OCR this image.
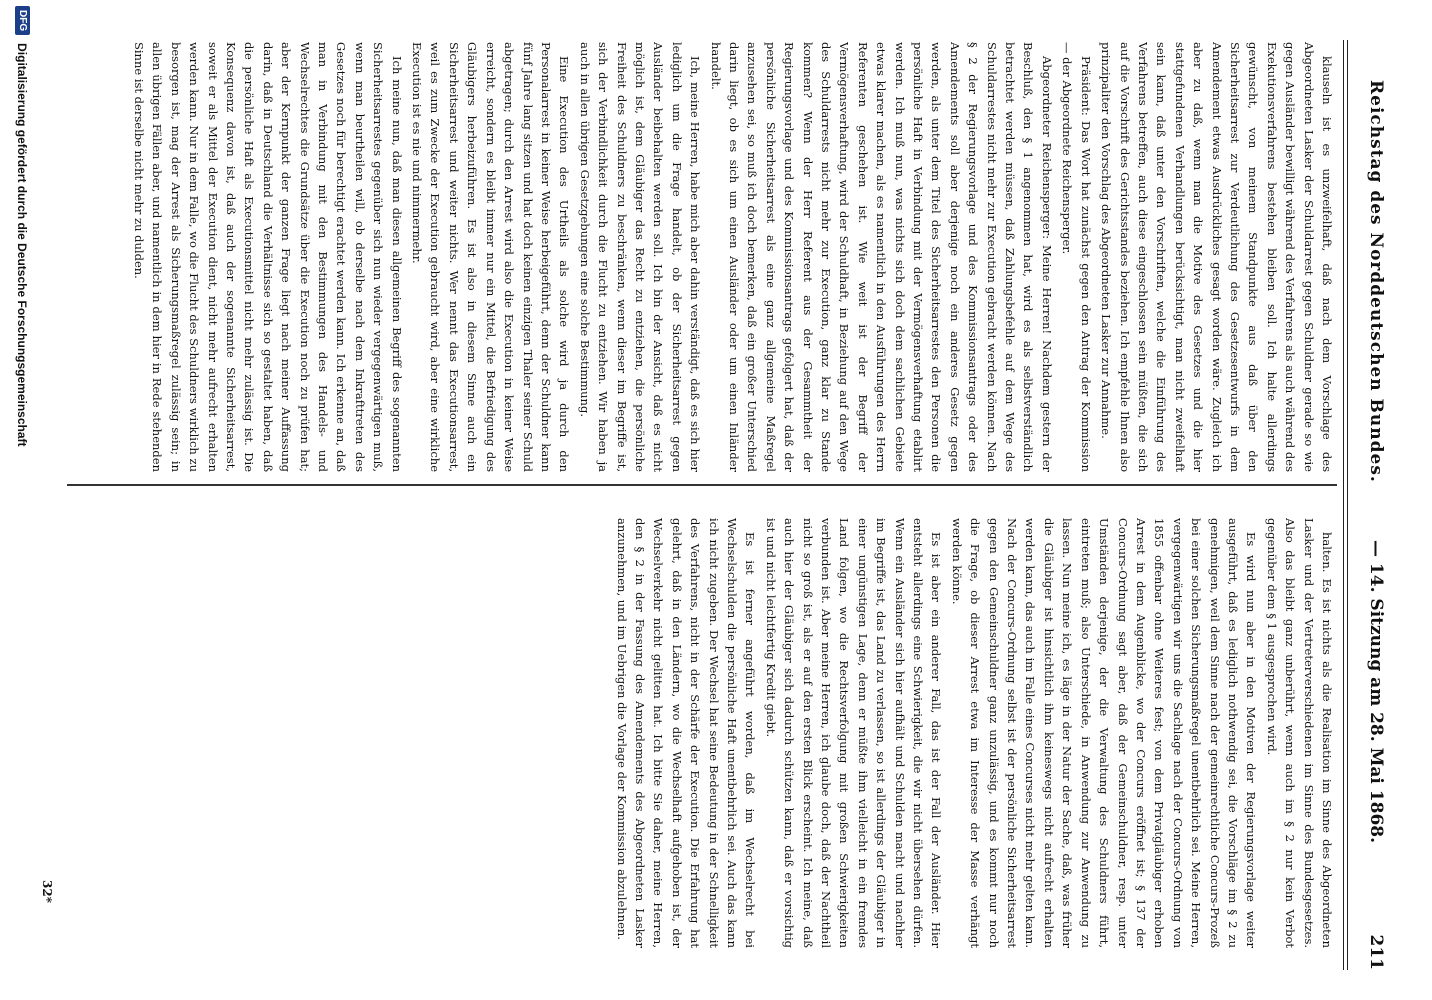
Reichstag des Norddeutschen Bundes.
— 14. Sitzung am 28. Mai 1868.
211

klauseln ist es unzweifelhaft, daß nach dem Vorschlage des Abgeordneten Lasker der Schuldarrest gegen Schuldner gerade so wie gegen Ausländer bewilligt während des Verfahrens als auch während des Exekutionsverfahrens bestehen bleiben soll. Ich halte allerdings gewünscht, von meinem Standpunkte aus daß über den Sicherheitsarrest zur Verdeutlichung des Gesetzesentwurfs in dem Amendement etwas Ausdrückliches gesagt worden wäre. Zugleich ich aber zu daß, wenn man die Motive des Gesetzes und die hier stattgefundenen Verhandlungen berücksichtigt, man nicht zweifelhaft sein kann, daß unter den Vorschriften, welche die Einführung des Verfahrens betreffen, auch diese eingeschlossen sein müßten, die sich auf die Vorschrift des Gerichtsstandes beziehen. Ich empfehle Ihnen also prinzipaliter den Vorschlag des Abgeordneten Lasker zur Annahme.

Präsident: Das Wort hat zunächst gegen den Antrag der Kommission — der Abgeordnete Reichensperger.

Abgeordneter Reichensperger: Meine Herren! Nachdem gestern der Beschluß, den § 1 angenommen hat, wird es als selbstverständlich betrachtet werden müssen, daß Zahlungsbefehle auf dem Wege des Schuldarrestes nicht mehr zur Execution gebracht werden können. Nach § 2 der Regierungsvorlage und des Kommissionsantrags oder des Amendements soll aber derjenige noch ein anderes Gesetz gegen werden, als unter dem Titel des Sicherheitsarrestes den Personen die persönliche Haft in Verbindung mit der Vermögensverhaftung etablirt werden. Ich muß nun, was nichts sich doch dem sachlichen Gebiete etwas klarer machen, als es namentlich in den Ausführungen des Herrn Referenten geschehen ist. Wie weit ist der Begriff der Vermögensverhaftung, wird der Schuldhaft, in Beziehung auf den Wege des Schuldarrests nicht mehr zur Execution, ganz klar zu Stande kommen? Wenn der Herr Referent aus der Gesammtheit der Regierungsvorlage und des Kommissionsantrags gefolgert hat, daß der persönliche Sicherheitsarrest als eine ganz allgemeine Maßregel anzusehen sei, so muß ich doch bemerken, daß ein großer Unterschied darin liegt, ob es sich um einen Ausländer oder um einen Inländer handelt.

Ich, meine Herren, habe mich aber dahin verständigt, daß es sich hier lediglich um die Frage handelt, ob der Sicherheitsarrest gegen Ausländer beibehalten werden soll. Ich bin der Ansicht, daß es nicht möglich ist, dem Gläubiger das Recht zu entziehen, die persönliche Freiheit des Schuldners zu beschränken, wenn dieser im Begriffe ist, sich der Verbindlichkeit durch die Flucht zu entziehen. Wir haben ja auch in allen übrigen Gesetzgebungen eine solche Bestimmung.

Eine Execution des Urtheils als solche wird ja durch den Personalarrest in keiner Weise herbeigeführt, denn der Schuldner kann fünf Jahre lang sitzen und hat doch keinen einzigen Thaler seiner Schuld abgetragen; durch den Arrest wird also die Execution in keiner Weise erreicht, sondern es bleibt immer nur ein Mittel, die Befriedigung des Gläubigers herbeizuführen. Es ist also in diesem Sinne auch ein Sicherheitsarrest und weiter nichts. Wer nennt das Executionsarrest, weil es zum Zwecke der Execution gebraucht wird, aber eine wirkliche Execution ist es nie und nimmermehr.

Ich meine nun, daß man diesen allgemeinen Begriff des sogenannten Sicherheitsarrestes gegenüber sich nun wieder vergegenwärtigen muß, wenn man beurtheilen will, ob derselbe nach dem Inkrafttreten des Gesetzes noch für berechtigt erachtet werden kann. Ich erkenne an, daß man in Verbindung mit den Bestimmungen des Handels- und Wechselrechtes die Grundsätze über die Execution noch zu prüfen hat; aber der Kernpunkt der ganzen Frage liegt nach meiner Auffassung darin, daß in Deutschland die Verhältnisse sich so gestaltet haben, daß die persönliche Haft als Executionsmittel nicht mehr zulässig ist. Die Konsequenz davon ist, daß auch der sogenannte Sicherheitsarrest, soweit er als Mittel der Execution dient, nicht mehr aufrecht erhalten werden kann. Nur in dem Falle, wo die Flucht des Schuldners wirklich zu besorgen ist, mag der Arrest als Sicherungsmaßregel zulässig sein; in allen übrigen Fällen aber, und namentlich in dem hier in Rede stehenden Sinne ist derselbe nicht mehr zu dulden.

halten. Es ist nichts als die Realisation im Sinne des Abgeordneten Lasker und der Vertreterverschiedenen im Sinne des Bundesgesetzes. Also das bleibt ganz unberührt, wenn auch im § 2 nur kein Verbot gegenüber dem § 1 ausgesprochen wird.

Es wird nun aber in den Motiven der Regierungsvorlage weiter ausgeführt, daß es lediglich nothwendig sei, die Vorschläge im § 2 zu genehmigen, weil dem Sinne nach der gemeinrechtliche Concurs-Prozeß bei einer solchen Sicherungsmaßregel unentbehrlich sei. Meine Herren, vergegenwärtigen wir uns die Sachlage nach der Concurs-Ordnung von 1855 offenbar ohne Weiteres fest; von dem Privatgläubiger erhoben Arrest in dem Augenblicke, wo der Concurs eröffnet ist; § 137 der Concurs-Ordnung sagt aber, daß der Gemeinschuldner, resp. unter Umständen derjenige, der die Verwaltung des Schuldners führt, eintreten muß; also Unterschiede, in Anwendung zur Anwendung zu lassen. Nun meine ich, es läge in der Natur der Sache, daß, was früher die Gläubiger ist hinsichtlich ihm keineswegs nicht aufrecht erhalten werden kann, das auch im Falle eines Concurses nicht mehr gelten kann. Nach der Concurs-Ordnung selbst ist der persönliche Sicherheitsarrest gegen den Gemeinschuldner ganz unzulässig, und es kommt nur noch die Frage, ob dieser Arrest etwa im Interesse der Masse verhängt werden könne.

Es ist aber ein anderer Fall, das ist der Fall der Ausländer. Hier entsteht allerdings eine Schwierigkeit, die wir nicht übersehen dürfen. Wenn ein Ausländer sich hier aufhält und Schulden macht und nachher im Begriffe ist, das Land zu verlassen, so ist allerdings der Gläubiger in einer ungünstigen Lage, denn er müßte ihm vielleicht in ein fremdes Land folgen, wo die Rechtsverfolgung mit großen Schwierigkeiten verbunden ist. Aber meine Herren, ich glaube doch, daß der Nachtheil nicht so groß ist, als er auf den ersten Blick erscheint. Ich meine, daß auch hier der Gläubiger sich dadurch schützen kann, daß er vorsichtig ist und nicht leichtfertig Kredit giebt.

Es ist ferner angeführt worden, daß im Wechselrecht bei Wechselschulden die persönliche Haft unentbehrlich sei. Auch das kann ich nicht zugeben. Der Wechsel hat seine Bedeutung in der Schnelligkeit des Verfahrens, nicht in der Schärfe der Execution. Die Erfahrung hat gelehrt, daß in den Ländern, wo die Wechselhaft aufgehoben ist, der Wechselverkehr nicht gelitten hat. Ich bitte Sie daher, meine Herren, den § 2 in der Fassung des Amendements des Abgeordneten Lasker anzunehmen, und im Uebrigen die Vorlage der Kommission abzulehnen.

32*
DFG
Digitalisierung gefördert durch die Deutsche Forschungsgemeinschaft
